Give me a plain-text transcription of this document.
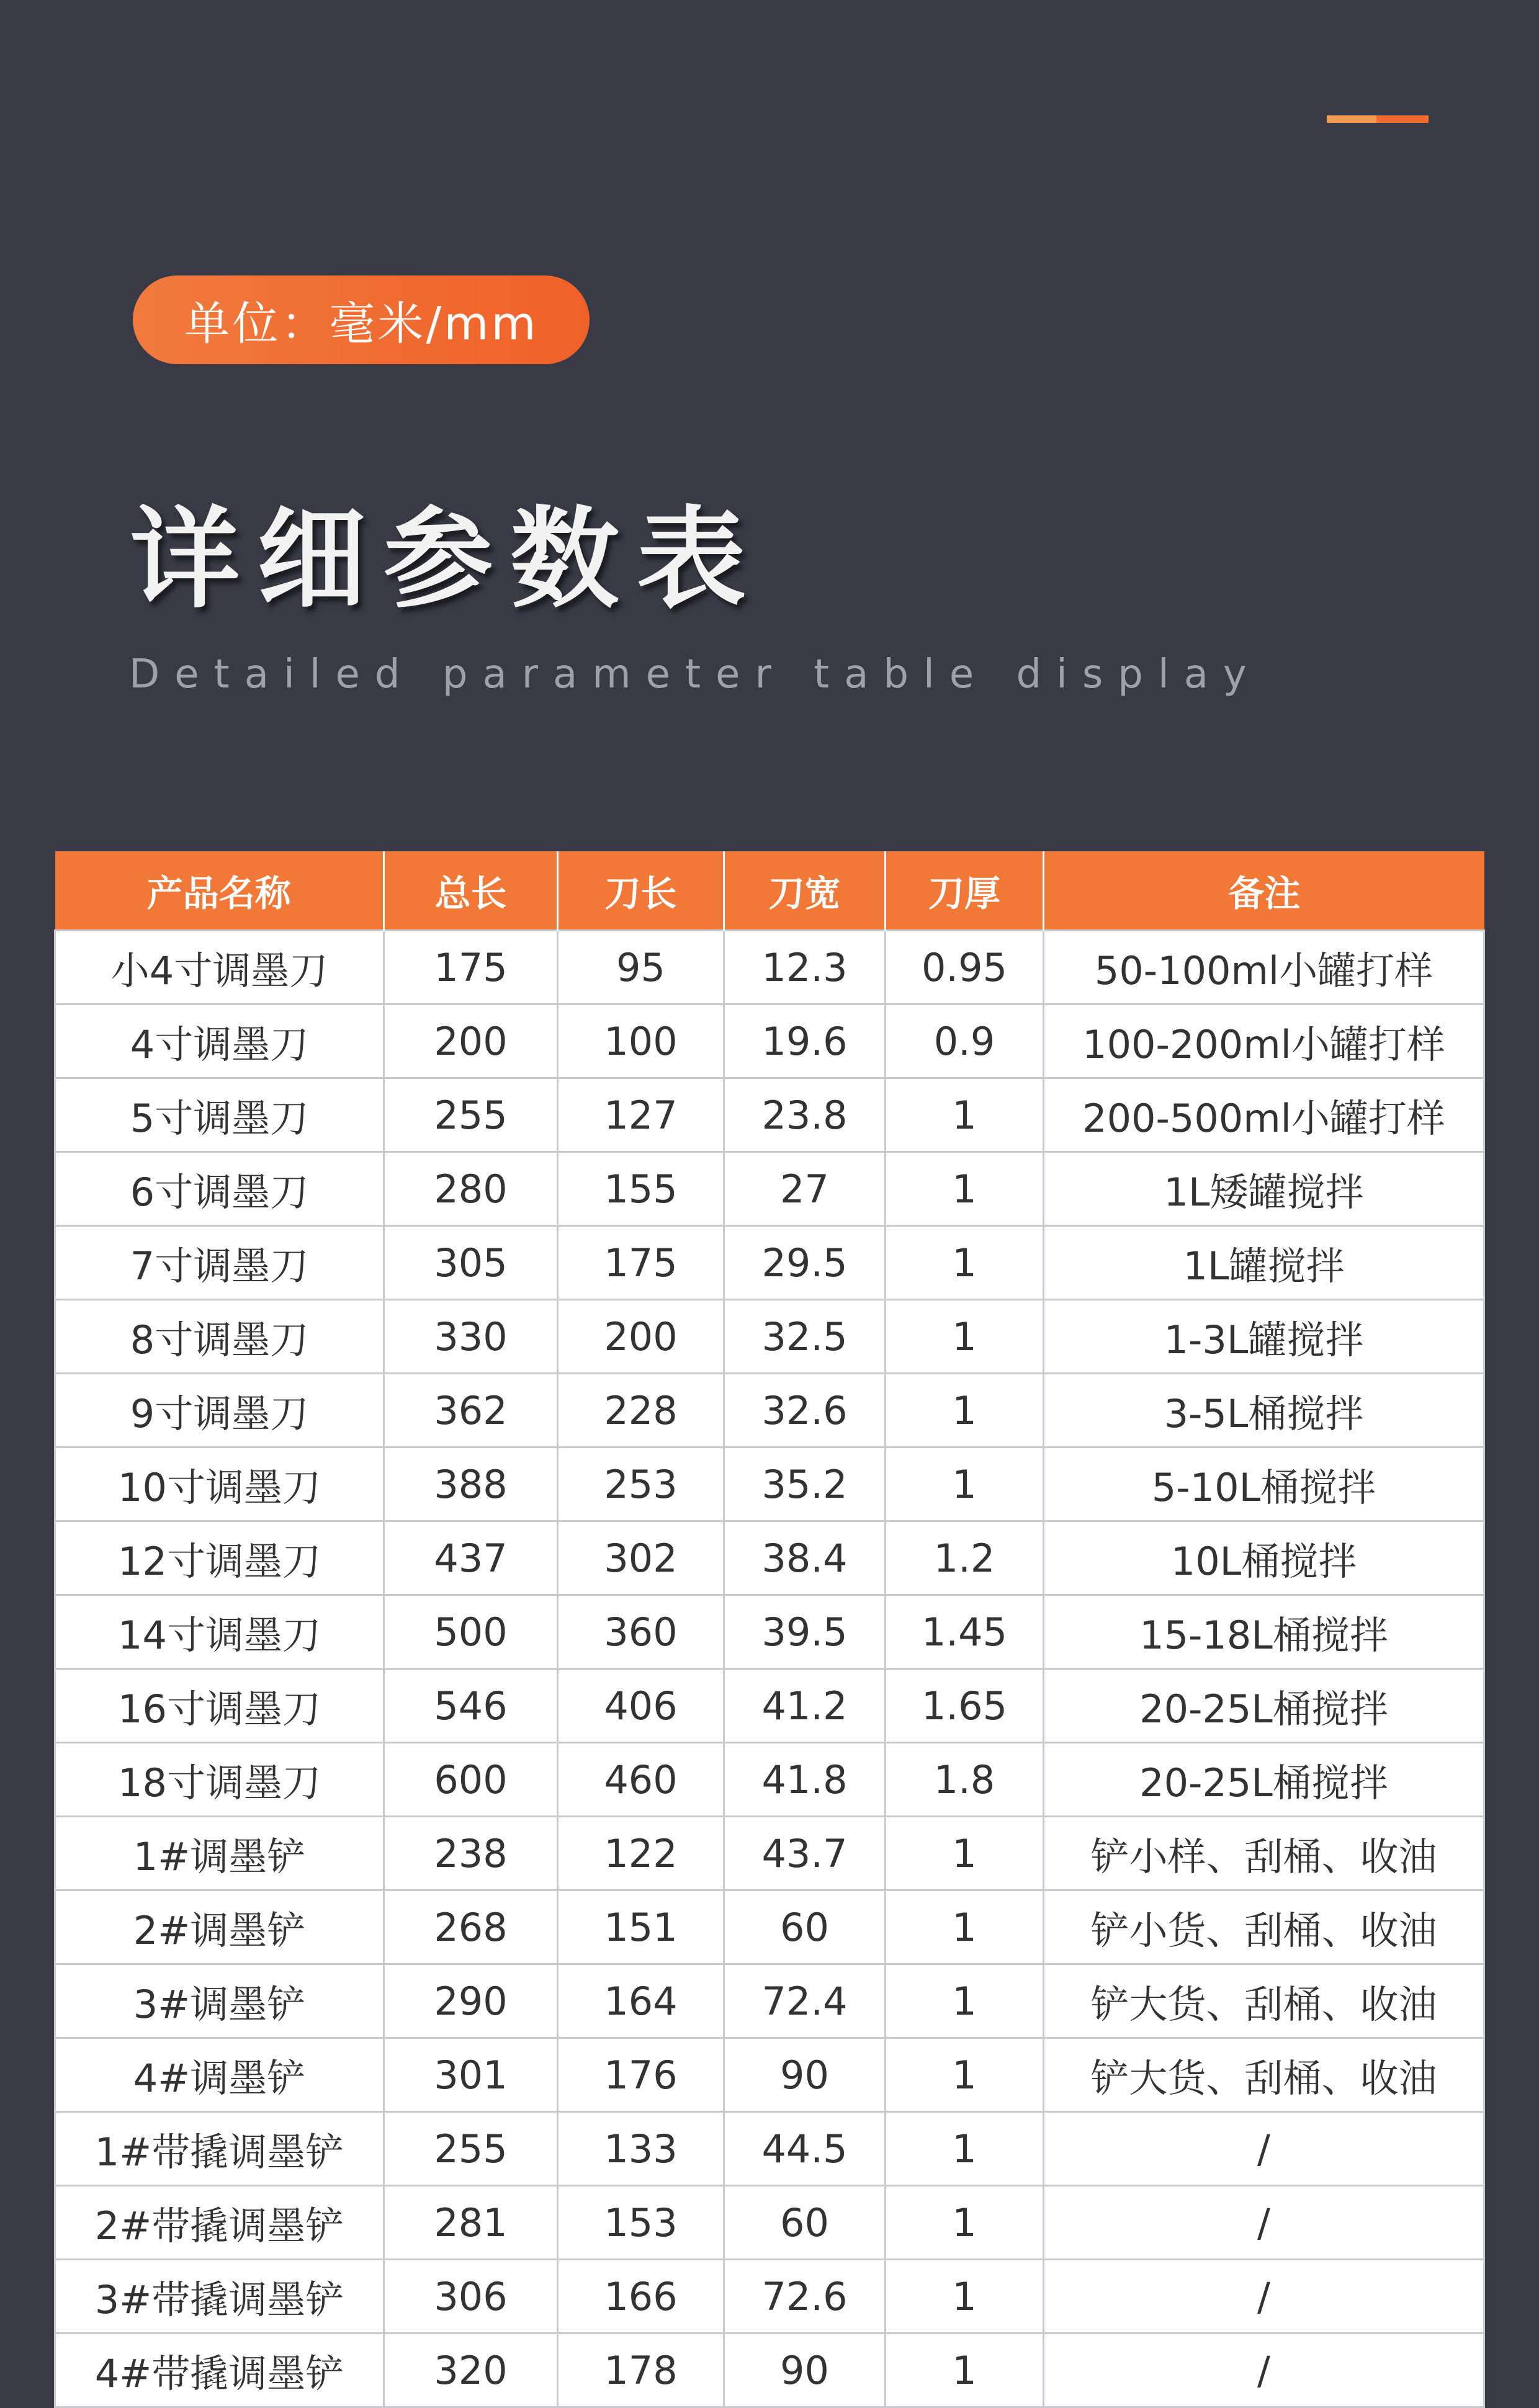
单位：毫米/mm
详细参数表
Detailed parameter table display
产品名称	总长	刀长	刀宽	刀厚	备注
小4寸调墨刀	175	95	12.3	0.95	50-100ml小罐打样
4寸调墨刀	200	100	19.6	0.9	100-200ml小罐打样
5寸调墨刀	255	127	23.8	1	200-500ml小罐打样
6寸调墨刀	280	155	27	1	1L矮罐搅拌
7寸调墨刀	305	175	29.5	1	1L罐搅拌
8寸调墨刀	330	200	32.5	1	1-3L罐搅拌
9寸调墨刀	362	228	32.6	1	3-5L桶搅拌
10寸调墨刀	388	253	35.2	1	5-10L桶搅拌
12寸调墨刀	437	302	38.4	1.2	10L桶搅拌
14寸调墨刀	500	360	39.5	1.45	15-18L桶搅拌
16寸调墨刀	546	406	41.2	1.65	20-25L桶搅拌
18寸调墨刀	600	460	41.8	1.8	20-25L桶搅拌
1#调墨铲	238	122	43.7	1	铲小样、刮桶、收油
2#调墨铲	268	151	60	1	铲小货、刮桶、收油
3#调墨铲	290	164	72.4	1	铲大货、刮桶、收油
4#调墨铲	301	176	90	1	铲大货、刮桶、收油
1#带撬调墨铲	255	133	44.5	1	/
2#带撬调墨铲	281	153	60	1	/
3#带撬调墨铲	306	166	72.6	1	/
4#带撬调墨铲	320	178	90	1	/
